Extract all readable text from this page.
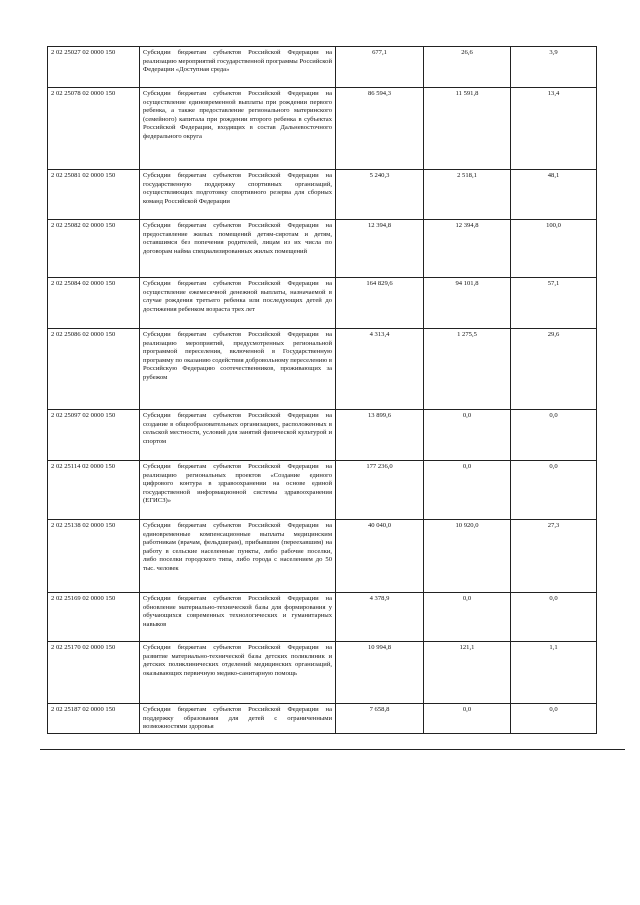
2 02 25027 02 0000 150	Субсидии бюджетам субъектов Российской Федерации на реализацию мероприятий государственной программы Российской Федерации «Доступная среда»	677,1	26,6	3,9
2 02 25078 02 0000 150	Субсидии бюджетам субъектов Российской Федерации на осуществление единовременной выплаты при рождении первого ребенка, а также предоставление регионального материнского (семейного) капитала при рождении второго ребенка в субъектах Российской Федерации, входящих в состав Дальневосточного федерального округа	86 594,3	11 591,8	13,4
2 02 25081 02 0000 150	Субсидии бюджетам субъектов Российской Федерации на государственную поддержку спортивных организаций, осуществляющих подготовку спортивного резерва для сборных команд Российской Федерации	5 240,3	2 518,1	48,1
2 02 25082 02 0000 150	Субсидии бюджетам субъектов Российской Федерации на предоставление жилых помещений детям-сиротам и детям, оставшимся без попечения родителей, лицам из их числа по договорам найма специализированных жилых помещений	12 394,8	12 394,8	100,0
2 02 25084 02 0000 150	Субсидии бюджетам субъектов Российской Федерации на осуществление ежемесячной денежной выплаты, назначаемой в случае рождения третьего ребенка или последующих детей до достижения ребенком возраста трех лет	164 829,6	94 101,8	57,1
2 02 25086 02 0000 150	Субсидии бюджетам субъектов Российской Федерации на реализацию мероприятий, предусмотренных региональной программой переселения, включенной в Государственную программу по оказанию содействия добровольному переселению в Российскую Федерацию соотечественников, проживающих за рубежом	4 313,4	1 275,5	29,6
2 02 25097 02 0000 150	Субсидии бюджетам субъектов Российской Федерации на создание в общеобразовательных организациях, расположенных в сельской местности, условий для занятий физической культурой и спортом	13 899,6	0,0	0,0
2 02 25114 02 0000 150	Субсидии бюджетам субъектов Российской Федерации на реализацию региональных проектов «Создание единого цифрового контура в здравоохранении на основе единой государственной информационной системы здравоохранения (ЕГИСЗ)»	177 236,0	0,0	0,0
2 02 25138 02 0000 150	Субсидии бюджетам субъектов Российской Федерации на единовременные компенсационные выплаты медицинским работникам (врачам, фельдшерам), прибывшим (переехавшим) на работу в сельские населенные пункты, либо рабочие поселки, либо поселки городского типа, либо города с населением до 50 тыс. человек	40 040,0	10 920,0	27,3
2 02 25169 02 0000 150	Субсидии бюджетам субъектов Российской Федерации на обновление материально-технической базы для формирования у обучающихся современных технологических и гуманитарных навыков	4 378,9	0,0	0,0
2 02 25170 02 0000 150	Субсидии бюджетам субъектов Российской Федерации на развитие материально-технической базы детских поликлиник и детских поликлинических отделений медицинских организаций, оказывающих первичную медико-санитарную помощь	10 994,8	121,1	1,1
2 02 25187 02 0000 150	Субсидии бюджетам субъектов Российской Федерации на поддержку образования для детей с ограниченными возможностями здоровья	7 658,8	0,0	0,0
